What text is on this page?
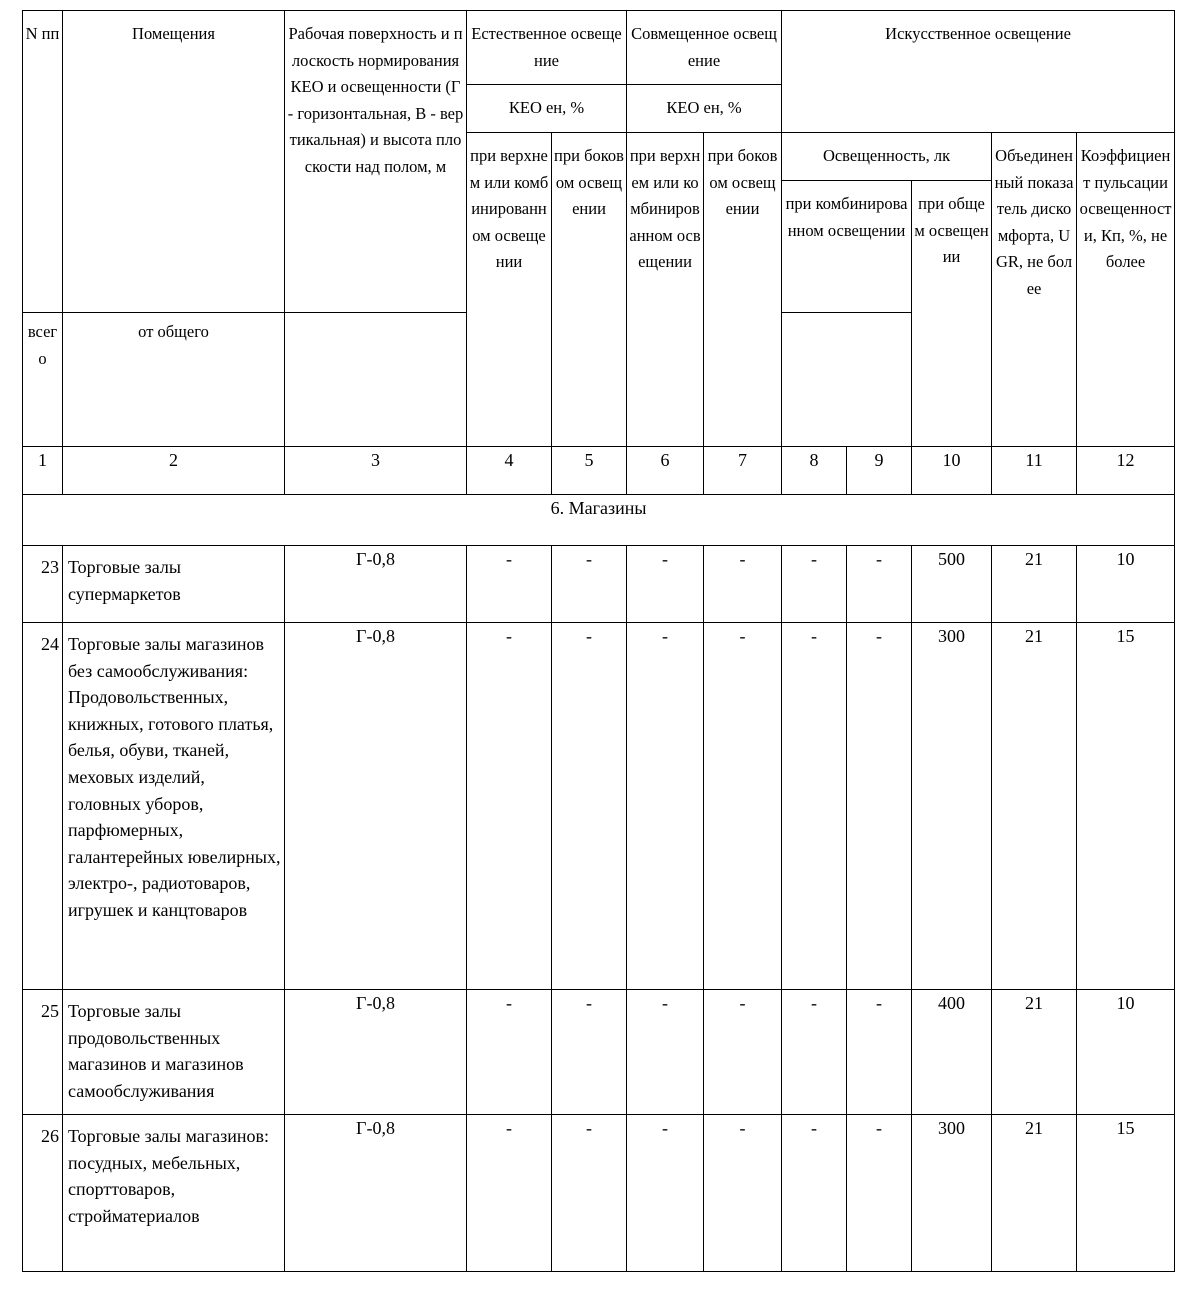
N пп	Помещения	Рабочая поверхность и плоскость нормирования КЕО и освещенности (Г - горизонтальная, В - вертикальная) и высота плоскости над полом, м	Естественное освещение		Совмещенное освещение		Искусственное освещение				
			КЕО eн, %		КЕО eн, %						
			при верхнем или комбинированном освещении	при боковом освещении	при верхнем или комбинированном освещении	при боковом освещении	Освещенность, лк			Объединенный показатель дискомфорта, UGR, не более	Коэффициент пульсации освещенности, Кп, %, не более
							при комбинированном освещении		при общем освещении		
всего	от общего										
1	2	3	4	5	6	7	8	9	10	11	12
6. Магазины											
23	Торговые залы супермаркетов	Г-0,8	-	-	-	-	-	-	500	21	10
24	Торговые залы магазинов без самообслуживания: Продовольственных, книжных, готового платья, белья, обуви, тканей, меховых изделий, головных уборов, парфюмерных, галантерейных ювелирных, электро-, радиотоваров, игрушек и канцтоваров	Г-0,8	-	-	-	-	-	-	300	21	15
25	Торговые залы продовольственных магазинов и магазинов самообслуживания	Г-0,8	-	-	-	-	-	-	400	21	10
26	Торговые залы магазинов: посудных, мебельных, спорттоваров, стройматериалов	Г-0,8	-	-	-	-	-	-	300	21	15
